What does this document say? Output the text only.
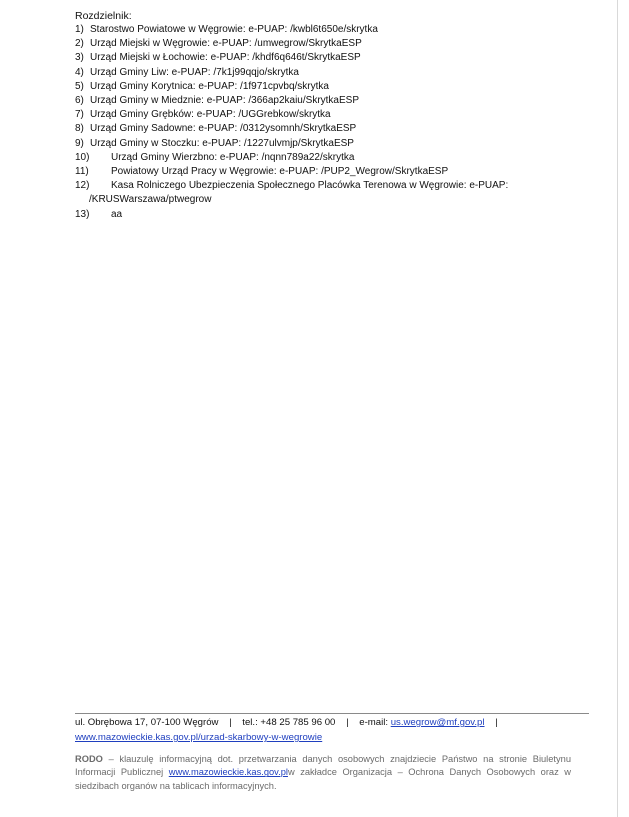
Rozdzielnik:
1) Starostwo Powiatowe w Węgrowie: e-PUAP: /kwbl6t650e/skrytka
2) Urząd Miejski w Węgrowie: e-PUAP: /umwegrow/SkrytkaESP
3) Urząd Miejski w Łochowie: e-PUAP: /khdf6q646t/SkrytkaESP
4) Urząd Gminy Liw: e-PUAP: /7k1j99qqjo/skrytka
5) Urząd Gminy Korytnica: e-PUAP: /1f971cpvbq/skrytka
6) Urząd Gminy w Miedznie: e-PUAP: /366ap2kaiu/SkrytkaESP
7) Urząd Gminy Grębków: e-PUAP: /UGGrebkow/skrytka
8) Urząd Gminy Sadowne: e-PUAP: /0312ysomnh/SkrytkaESP
9) Urząd Gminy w Stoczku: e-PUAP: /1227ulvmjp/SkrytkaESP
10) Urząd Gminy Wierzbno: e-PUAP: /nqnn789a22/skrytka
11) Powiatowy Urząd Pracy w Węgrowie: e-PUAP: /PUP2_Wegrow/SkrytkaESP
12) Kasa Rolniczego Ubezpieczenia Społecznego Placówka Terenowa w Węgrowie: e-PUAP:
/KRUSWarszawa/ptwegrow
13) aa
ul. Obrębowa 17, 07-100 Węgrów | tel.: +48 25 785 96 00 | e-mail: us.wegrow@mf.gov.pl |
www.mazowieckie.kas.gov.pl/urzad-skarbowy-w-wegrowie
RODO – klauzulę informacyjną dot. przetwarzania danych osobowych znajdziecie Państwo na stronie Biuletynu Informacji Publicznej www.mazowieckie.kas.gov.plw zakładce Organizacja – Ochrona Danych Osobowych oraz w siedzibach organów na tablicach informacyjnych.
